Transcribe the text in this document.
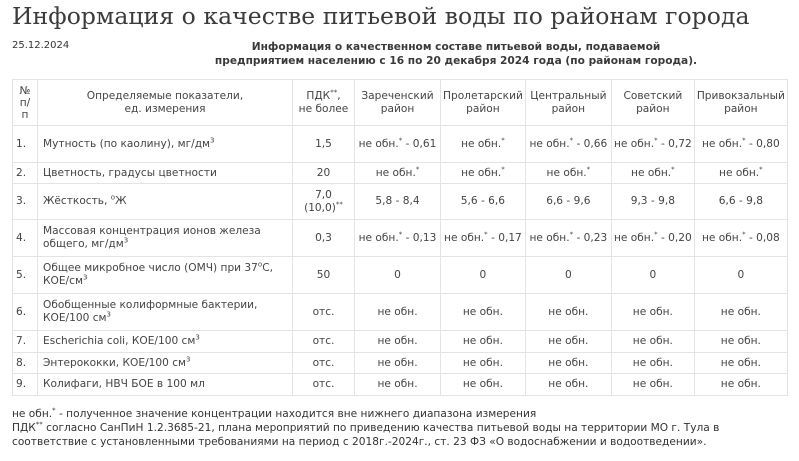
Информация о качестве питьевой воды по районам города
25.12.2024	Информация о качественном составе питьевой воды, подаваемой
предприятием населению с 16 по 20 декабря 2024 года (по районам города).
№
п/
п

Определяемые показатели,
ед. измерения

ПДК**,
не более

Зареченский
район

Пролетарский
район

Центральный
район

Советский
район

Привокзальный
район

1.	Мутность (по каолину), $мг/дм^3$	1,5	не обн.* - 0,61	не обн.*	не обн.* - 0,66	не обн.* - 0,72	не обн.* - 0,80
2.	Цветность, градусы цветности	20	не обн.*	не обн.*	не обн.*	не обн.*	не обн.*
3.	Жёсткость, $^о$Ж	7,0
(10,0)**	5,8 - 8,4	5,6 - 6,6	6,6 - 9,6	9,3 - 9,8	6,6 - 9,8
4.	Массовая концентрация ионов железа общего, $мг/дм^3$	0,3	не обн.* - 0,13	не обн.* - 0,17	не обн.* - 0,23	не обн.* - 0,20	не обн.* - 0,08
5.	Общее микробное число (ОМЧ) при $37^оС$, КОЕ/$см^3$	50	0	0	0	0	0
6.	Обобщенные колиформные бактерии, КОЕ/100 $см^3$	отс.	не обн.	не обн.	не обн.	не обн.	не обн.
7.	Escherichia coli, КОЕ/100 $см^3$	отс.	не обн.	не обн.	не обн.	не обн.	не обн.
8.	Энтерококки, КОЕ/100 $см^3$	отс.	не обн.	не обн.	не обн.	не обн.	не обн.
9.	Колифаги, НВЧ БОЕ в 100 мл	отс.	не обн.	не обн.	не обн.	не обн.	не обн.
не обн.* - полученное значение концентрации находится вне нижнего диапазона измерения
ПДК** согласно СанПиН 1.2.3685-21, плана мероприятий по приведению качества питьевой воды на территории МО г. Тула в соответствие с установленными требованиями на период с 2018г.-2024г., ст. 23 ФЗ «О водоснабжении и водоотведении».
